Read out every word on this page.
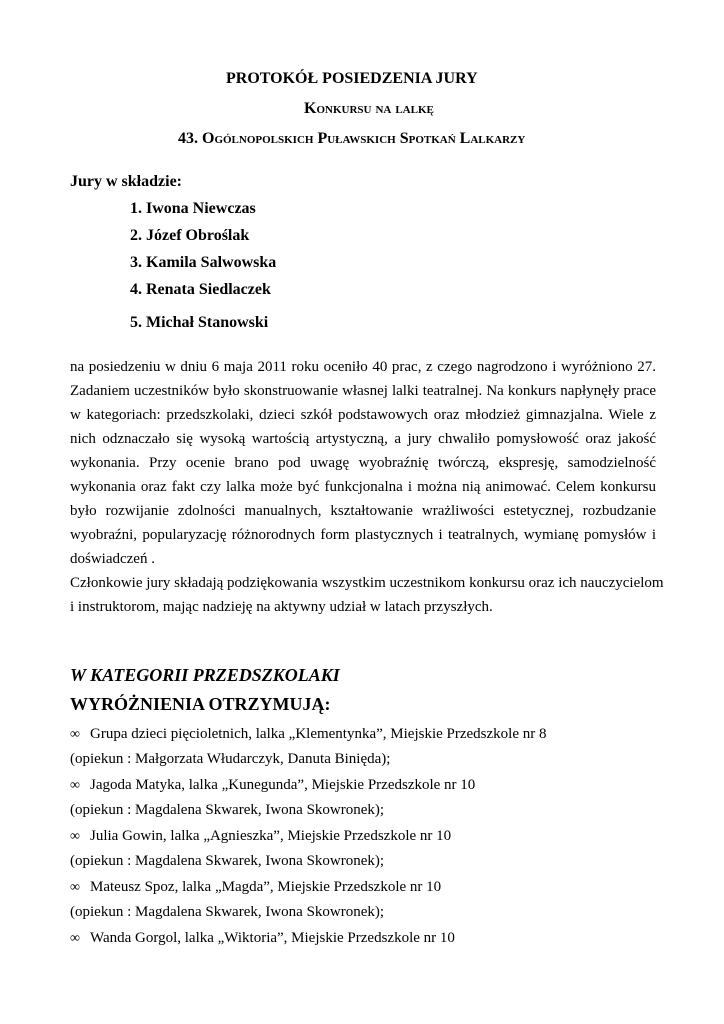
PROTOKÓŁ POSIEDZENIA JURY
Konkursu na lalkę
43. Ogólnopolskich Puławskich Spotkań Lalkarzy
Jury w składzie:
1. Iwona Niewczas
2. Józef Obroślak
3. Kamila Salwowska
4. Renata Siedlaczek
5. Michał Stanowski
na posiedzeniu w dniu 6 maja 2011 roku oceniło 40 prac, z czego nagrodzono i wyróżniono 27.
Zadaniem uczestników było skonstruowanie własnej lalki teatralnej. Na konkurs napłynęły prace
w kategoriach: przedszkolaki, dzieci szkół podstawowych oraz młodzież gimnazjalna. Wiele z
nich odznaczało się wysoką wartością artystyczną, a jury chwaliło pomysłowość oraz jakość
wykonania. Przy ocenie brano pod uwagę wyobraźnię twórczą, ekspresję, samodzielność
wykonania oraz fakt czy lalka może być funkcjonalna i można nią animować. Celem konkursu
było rozwijanie zdolności manualnych, kształtowanie wrażliwości estetycznej, rozbudzanie
wyobraźni, popularyzację różnorodnych form plastycznych i teatralnych, wymianę pomysłów i
doświadczeń .
Członkowie jury składają podziękowania wszystkim uczestnikom konkursu oraz ich nauczycielom
i instruktorom, mając nadzieję na aktywny udział w latach przyszłych.
W KATEGORII PRZEDSZKOLAKI
WYRÓŻNIENIA OTRZYMUJĄ:
∞ Grupa dzieci pięcioletnich, lalka „Klementynka”, Miejskie Przedszkole nr 8
(opiekun : Małgorzata Włudarczyk, Danuta Binięda);
∞ Jagoda Matyka, lalka „Kunegunda”, Miejskie Przedszkole nr 10
(opiekun : Magdalena Skwarek, Iwona Skowronek);
∞ Julia Gowin, lalka „Agnieszka”, Miejskie Przedszkole nr 10
(opiekun : Magdalena Skwarek, Iwona Skowronek);
∞ Mateusz Spoz, lalka „Magda”, Miejskie Przedszkole nr 10
(opiekun : Magdalena Skwarek, Iwona Skowronek);
∞ Wanda Gorgol, lalka „Wiktoria”, Miejskie Przedszkole nr 10
